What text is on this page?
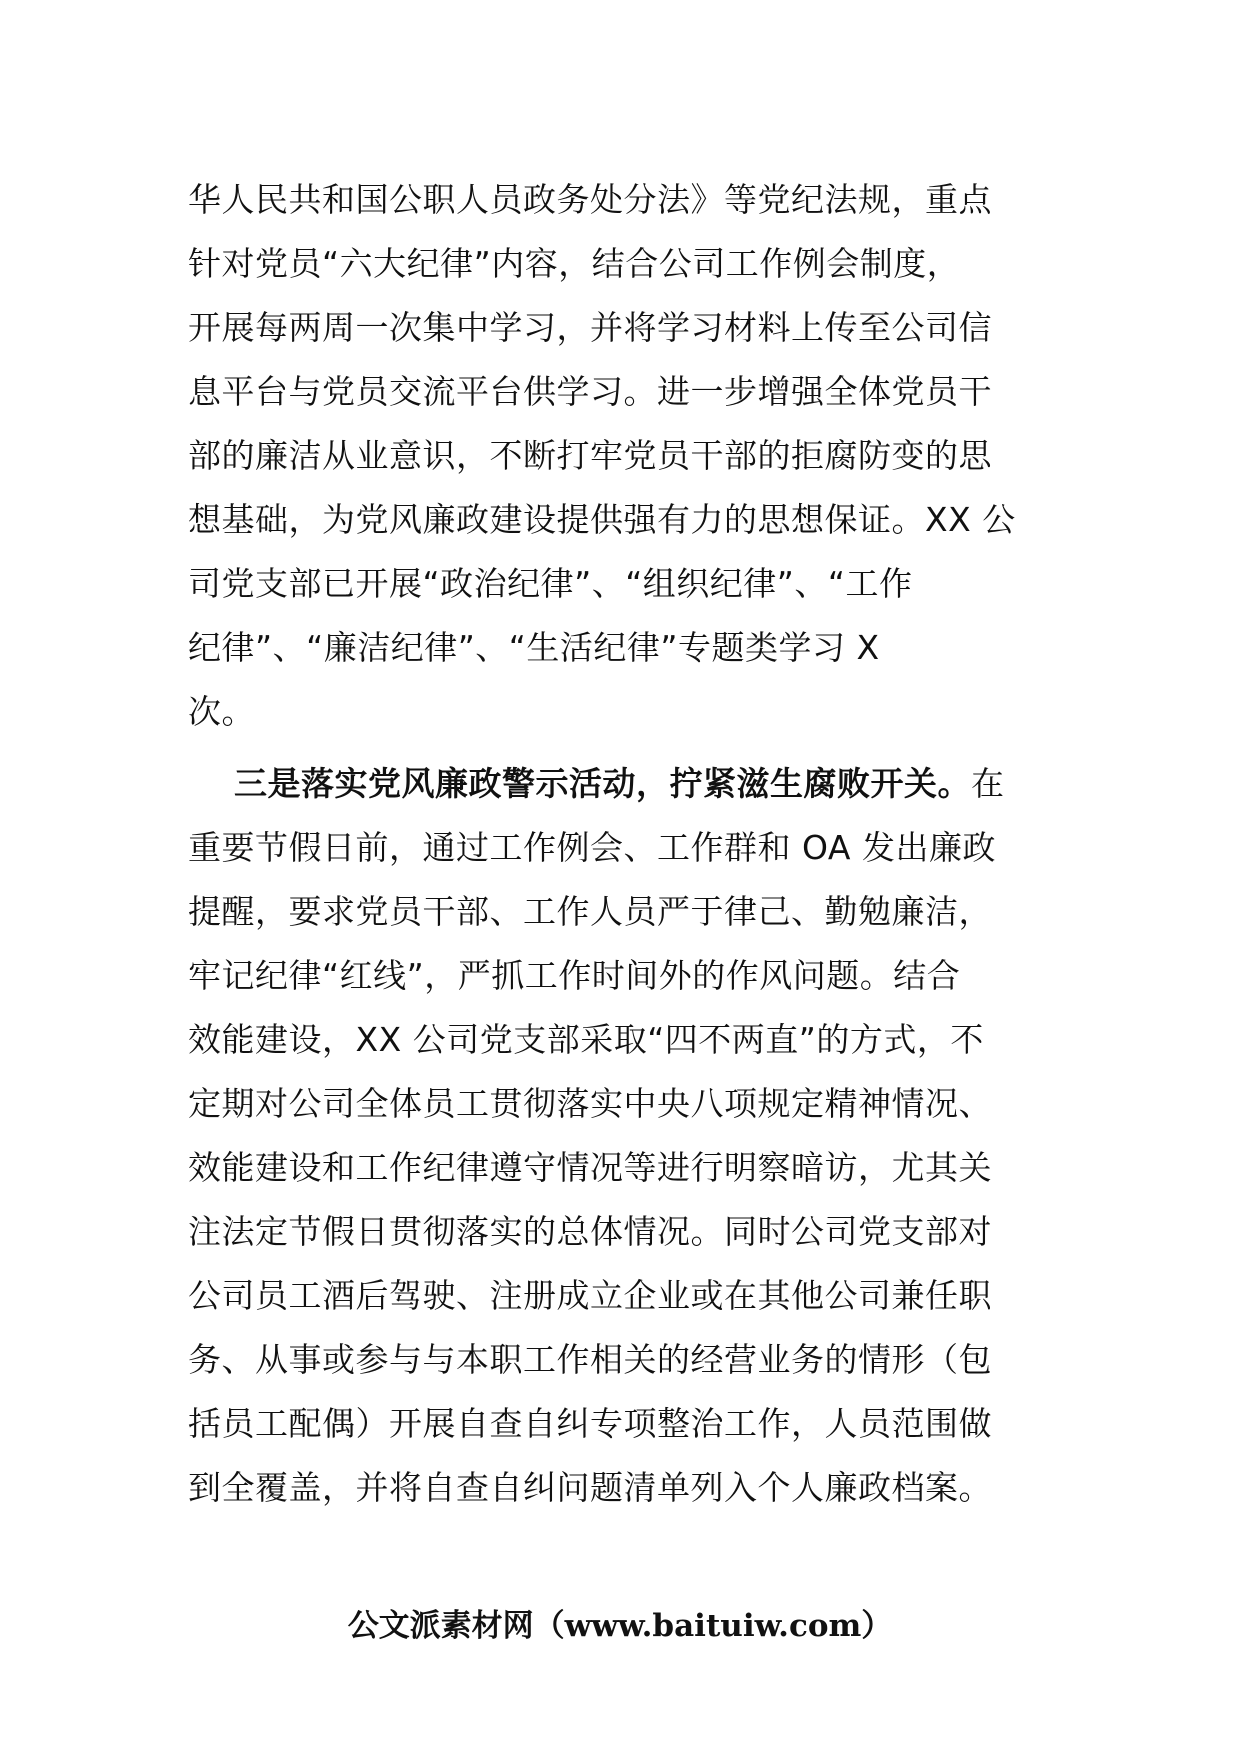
华人民共和国公职人员政务处分法》等党纪法规，重点
针对党员“六大纪律”内容，结合公司工作例会制度，
开展每两周一次集中学习，并将学习材料上传至公司信
息平台与党员交流平台供学习。进一步增强全体党员干
部的廉洁从业意识，不断打牢党员干部的拒腐防变的思
想基础，为党风廉政建设提供强有力的思想保证。XX 公
司党支部已开展“政治纪律”、“组织纪律”、“工作
纪律”、“廉洁纪律”、“生活纪律”专题类学习 X
次。
三是落实党风廉政警示活动，拧紧滋生腐败开关。在
重要节假日前，通过工作例会、工作群和 OA 发出廉政
提醒，要求党员干部、工作人员严于律己、勤勉廉洁，
牢记纪律“红线”，严抓工作时间外的作风问题。结合
效能建设，XX 公司党支部采取“四不两直”的方式，不
定期对公司全体员工贯彻落实中央八项规定精神情况、
效能建设和工作纪律遵守情况等进行明察暗访，尤其关
注法定节假日贯彻落实的总体情况。同时公司党支部对
公司员工酒后驾驶、注册成立企业或在其他公司兼任职
务、从事或参与与本职工作相关的经营业务的情形（包
括员工配偶）开展自查自纠专项整治工作，人员范围做
到全覆盖，并将自查自纠问题清单列入个人廉政档案。
公文派素材网（www.baituiw.com）
